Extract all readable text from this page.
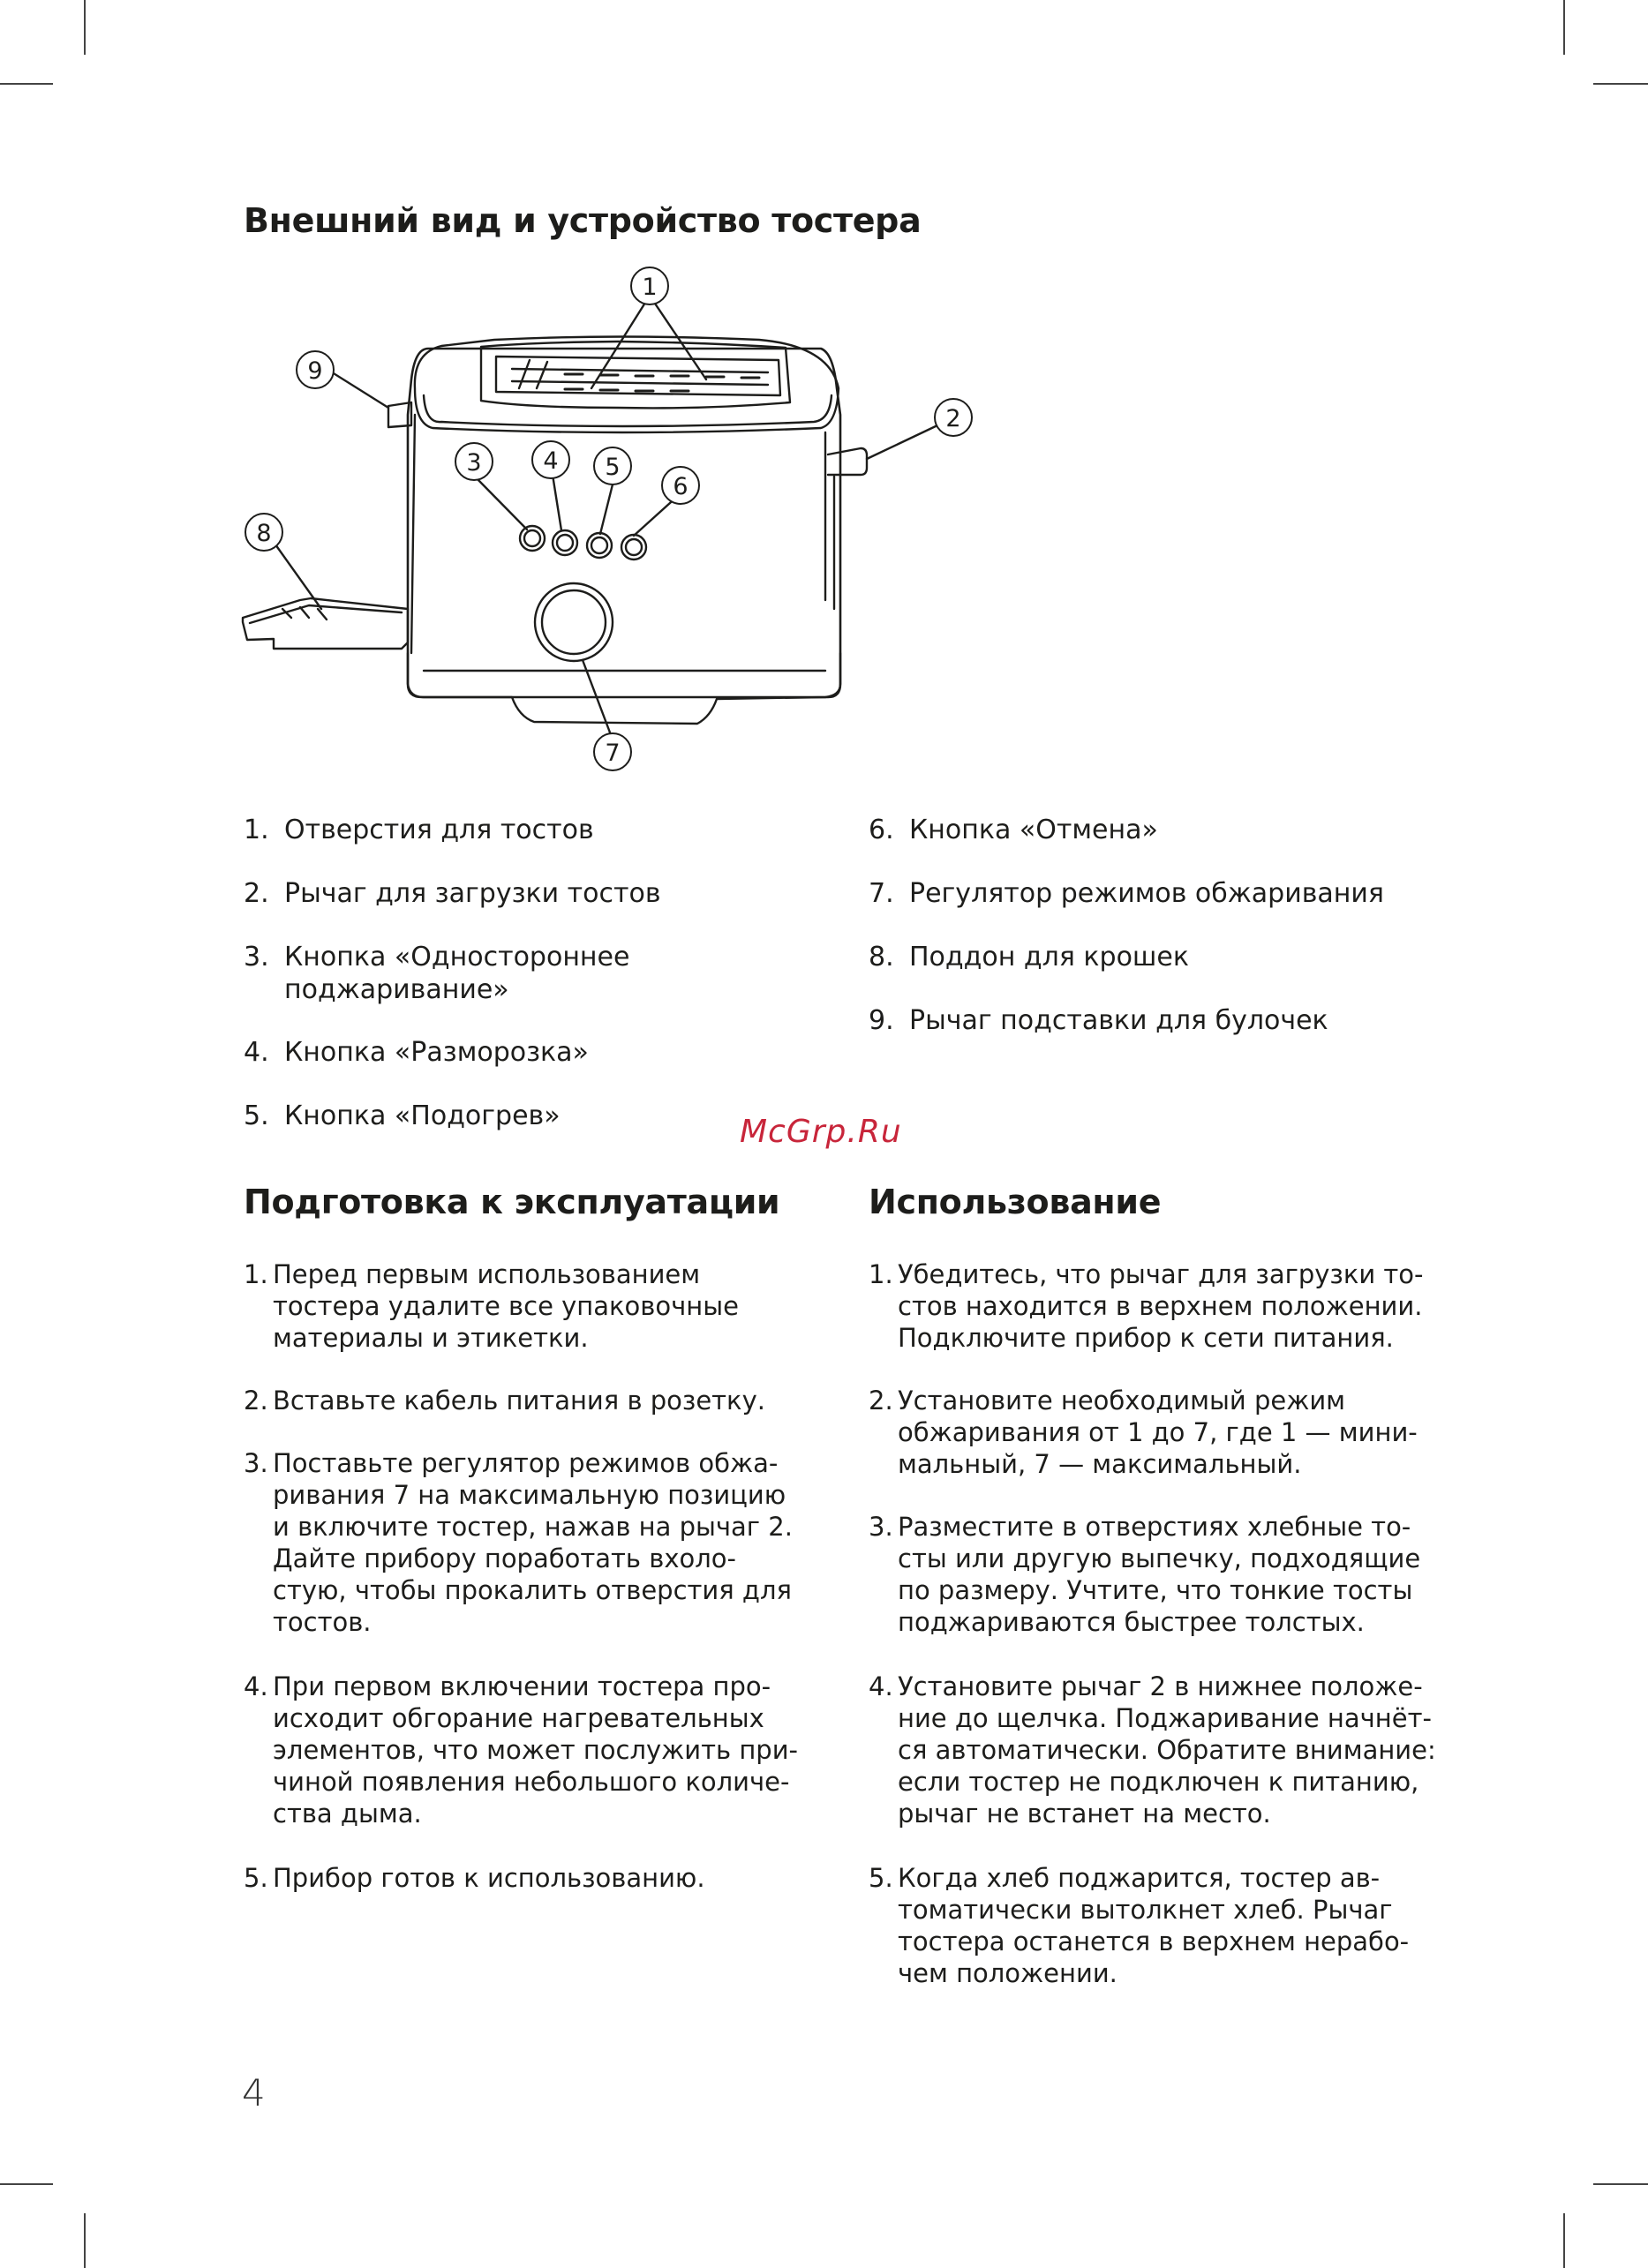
Внешний вид и устройство тостера
1
2
3	4 5
6
7
8
9
1. Отверстия для тостов
2. Рычаг для загрузки тостов
3. Кнопка «Одностороннее
поджаривание»
4. Кнопка «Разморозка»
5. Кнопка «Подогрев»
6. Кнопка «Отмена»
7. Регулятор режимов обжаривания
8. Поддон для крошек
9. Рычаг подставки для булочек
McGrp.Ru
Подготовка к эксплуатации
1. Перед первым использованием
тостера удалите все упаковочные
материалы и этикетки.
2. Вставьте кабель питания в розетку.
3. Поставьте регулятор режимов обжа-
ривания 7 на максимальную позицию
и включите тостер, нажав на рычаг 2.
Дайте прибору поработать вхоло-
стую, чтобы прокалить отверстия для
тостов.
4. При первом включении тостера про-
исходит обгорание нагревательных
элементов, что может послужить при-
чиной появления небольшого количе-
ства дыма.
5. Прибор готов к использованию.
Использование
1. Убедитесь, что рычаг для загрузки то-
стов находится в верхнем положении.
Подключите прибор к сети питания.
2. Установите необходимый режим
обжаривания от 1 до 7, где 1 — мини-
мальный, 7 — максимальный.
3. Разместите в отверстиях хлебные то-
сты или другую выпечку, подходящие
по размеру. Учтите, что тонкие тосты
поджариваются быстрее толстых.
4. Установите рычаг 2 в нижнее положе-
ние до щелчка. Поджаривание начнёт-
ся автоматически. Обратите внимание:
если тостер не подключен к питанию,
рычаг не встанет на место.
5. Когда хлеб поджарится, тостер ав-
томатически вытолкнет хлеб. Рычаг
тостера останется в верхнем нерабо-
чем положении.
4
